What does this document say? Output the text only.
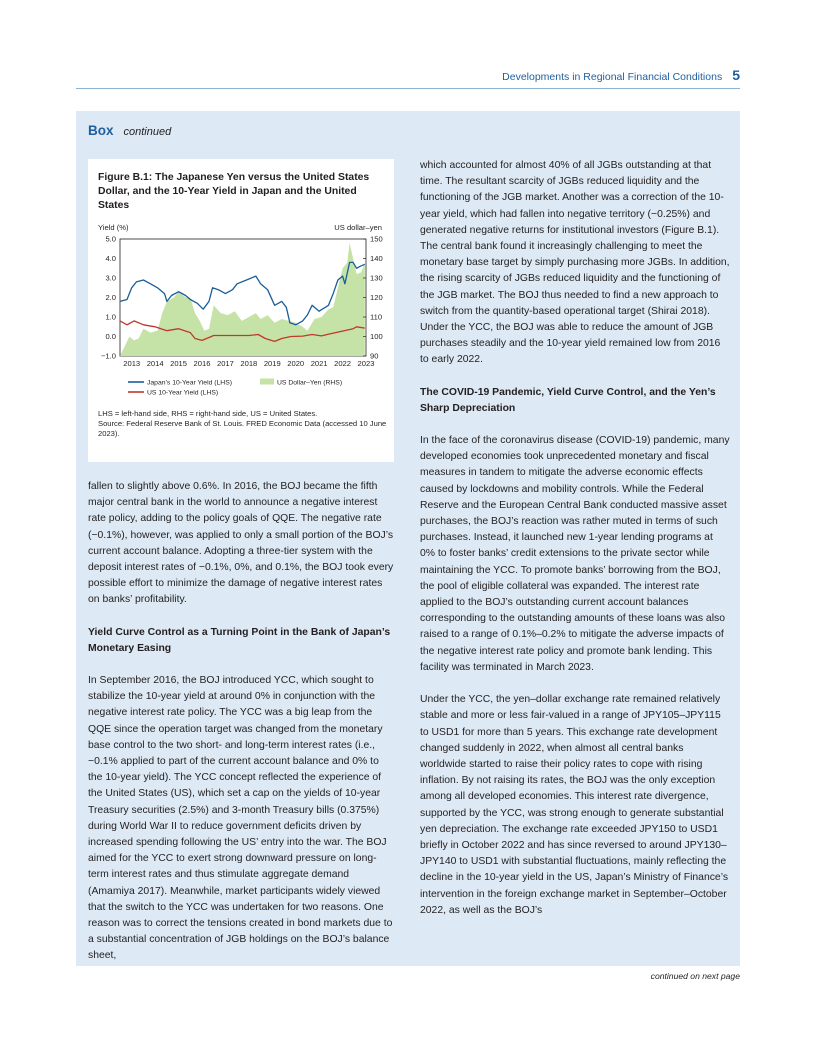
Developments in Regional Financial Conditions 5
Box continued
Figure B.1: The Japanese Yen versus the United States Dollar, and the 10-Year Yield in Japan and the United States
Yield (%)	US dollar–yen
5.0
4.0
3.0
2.0
1.0
0.0
−1.0
150
140
130
120
110
100
90
2013 2014 2015 2016 2017 2018 2019 2020 2021 2022 2023
Japan’s 10-Year Yield (LHS)
US 10-Year Yield (LHS)
US Dollar–Yen (RHS)
LHS = left-hand side, RHS = right-hand side, US = United States.
Source: Federal Reserve Bank of St. Louis. FRED Economic Data (accessed 10 June 2023).

fallen to slightly above 0.6%. In 2016, the BOJ became the fifth major central bank in the world to announce a negative interest rate policy, adding to the policy goals of QQE. The negative rate (−0.1%), however, was applied to only a small portion of the BOJ’s current account balance. Adopting a three-tier system with the deposit interest rates of −0.1%, 0%, and 0.1%, the BOJ took every possible effort to minimize the damage of negative interest rates on banks’ profitability.

Yield Curve Control as a Turning Point in the Bank of Japan’s Monetary Easing

In September 2016, the BOJ introduced YCC, which sought to stabilize the 10-year yield at around 0% in conjunction with the negative interest rate policy. The YCC was a big leap from the QQE since the operation target was changed from the monetary base control to the two short- and long-term interest rates (i.e., −0.1% applied to part of the current account balance and 0% to the 10-year yield). The YCC concept reflected the experience of the United States (US), which set a cap on the yields of 10-year Treasury securities (2.5%) and 3-month Treasury bills (0.375%) during World War II to reduce government deficits driven by increased spending following the US’ entry into the war. The BOJ aimed for the YCC to exert strong downward pressure on long-term interest rates and thus stimulate aggregate demand (Amamiya 2017). Meanwhile, market participants widely viewed that the switch to the YCC was undertaken for two reasons. One reason was to correct the tensions created in bond markets due to a substantial concentration of JGB holdings on the BOJ’s balance sheet,

which accounted for almost 40% of all JGBs outstanding at that time. The resultant scarcity of JGBs reduced liquidity and the functioning of the JGB market. Another was a correction of the 10-year yield, which had fallen into negative territory (−0.25%) and generated negative returns for institutional investors (Figure B.1). The central bank found it increasingly challenging to meet the monetary base target by simply purchasing more JGBs. In addition, the rising scarcity of JGBs reduced liquidity and the functioning of the JGB market. The BOJ thus needed to find a new approach to switch from the quantity-based operational target (Shirai 2018). Under the YCC, the BOJ was able to reduce the amount of JGB purchases steadily and the 10-year yield remained low from 2016 to early 2022.

The COVID-19 Pandemic, Yield Curve Control, and the Yen’s Sharp Depreciation

In the face of the coronavirus disease (COVID-19) pandemic, many developed economies took unprecedented monetary and fiscal measures in tandem to mitigate the adverse economic effects caused by lockdowns and mobility controls. While the Federal Reserve and the European Central Bank conducted massive asset purchases, the BOJ’s reaction was rather muted in terms of such purchases. Instead, it launched new 1-year lending programs at 0% to foster banks’ credit extensions to the private sector while maintaining the YCC. To promote banks’ borrowing from the BOJ, the pool of eligible collateral was expanded. The interest rate applied to the BOJ’s outstanding current account balances corresponding to the outstanding amounts of these loans was also raised to a range of 0.1%–0.2% to mitigate the adverse impacts of the negative interest rate policy and promote bank lending. This facility was terminated in March 2023.

Under the YCC, the yen–dollar exchange rate remained relatively stable and more or less fair-valued in a range of JPY105–JPY115 to USD1 for more than 5 years. This exchange rate development changed suddenly in 2022, when almost all central banks worldwide started to raise their policy rates to cope with rising inflation. By not raising its rates, the BOJ was the only exception among all developed economies. This interest rate divergence, supported by the YCC, was strong enough to generate substantial yen depreciation. The exchange rate exceeded JPY150 to USD1 briefly in October 2022 and has since reversed to around JPY130–JPY140 to USD1 with substantial fluctuations, mainly reflecting the decline in the 10-year yield in the US, Japan’s Ministry of Finance’s intervention in the foreign exchange market in September–October 2022, as well as the BOJ’s

continued on next page
